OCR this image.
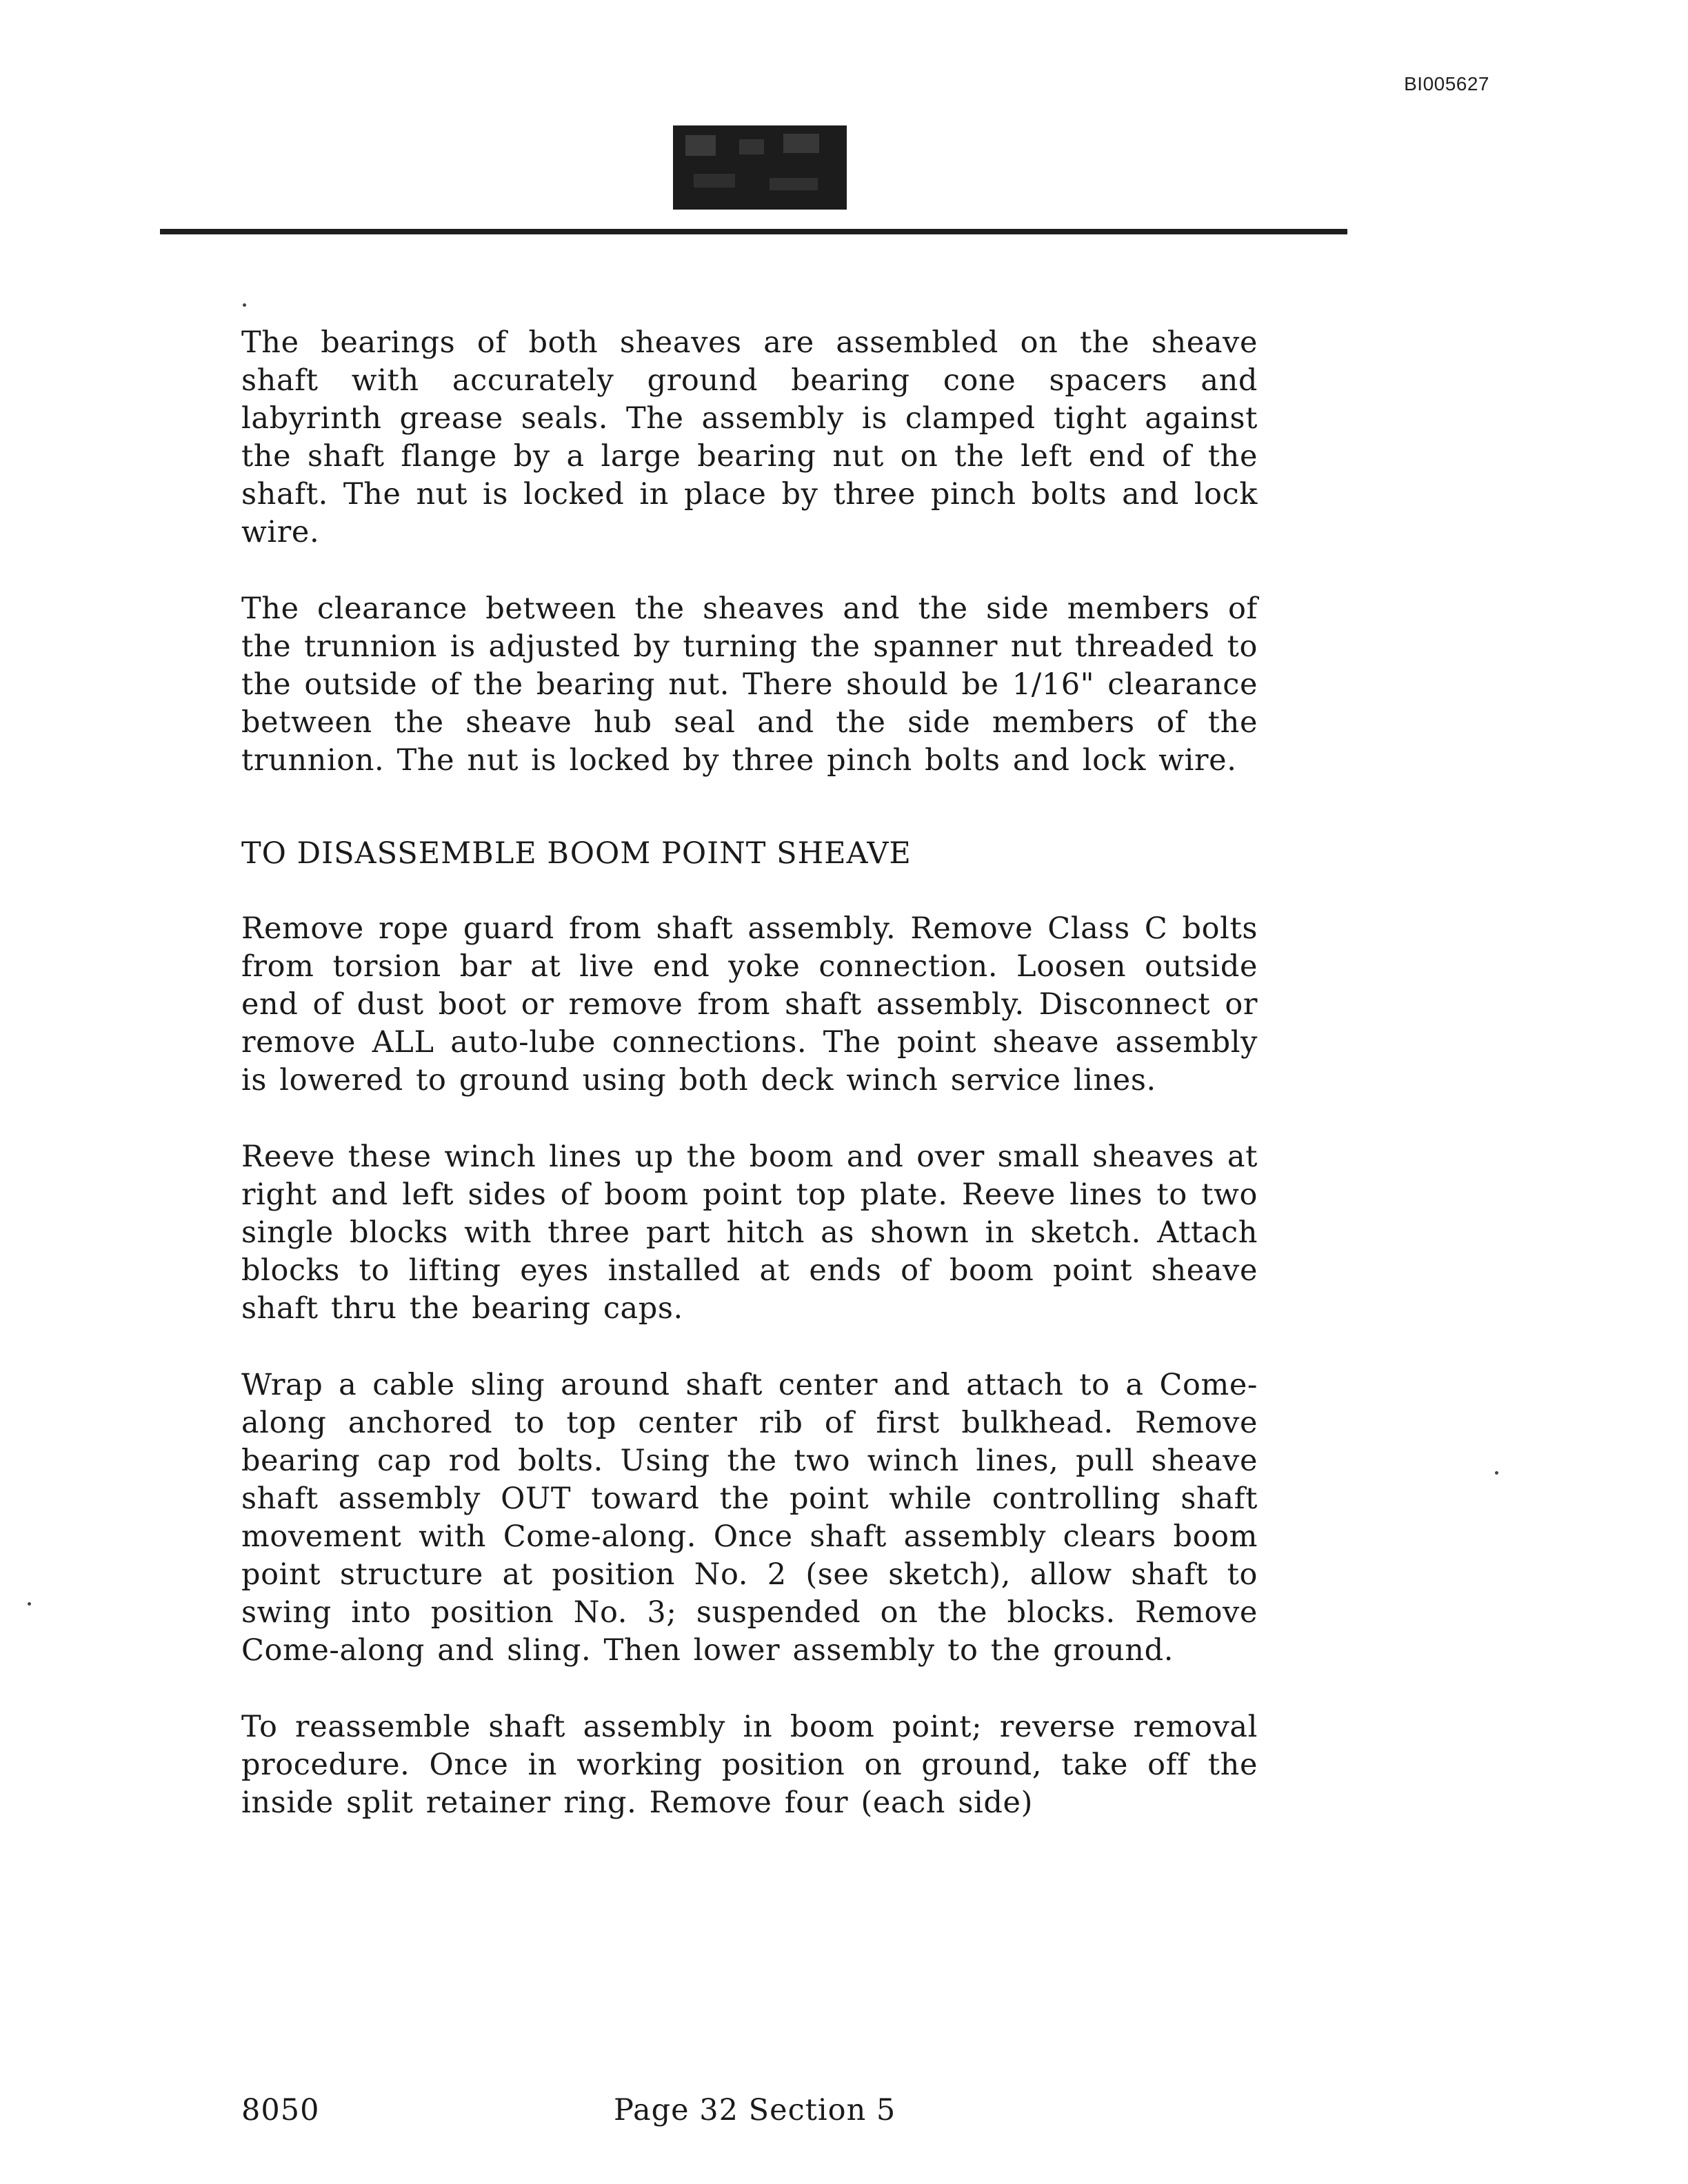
BI005627

The bearings of both sheaves are assembled on the sheave shaft with accurately ground bearing cone spacers and labyrinth grease seals. The assembly is clamped tight against the shaft flange by a large bearing nut on the left end of the shaft. The nut is locked in place by three pinch bolts and lock wire.

The clearance between the sheaves and the side members of the trunnion is adjusted by turning the spanner nut threaded to the outside of the bearing nut. There should be 1/16" clearance between the sheave hub seal and the side members of the trunnion. The nut is locked by three pinch bolts and lock wire.

TO DISASSEMBLE BOOM POINT SHEAVE

Remove rope guard from shaft assembly. Remove Class C bolts from torsion bar at live end yoke connection. Loosen outside end of dust boot or remove from shaft assembly. Disconnect or remove ALL auto-lube connections. The point sheave assembly is lowered to ground using both deck winch service lines.

Reeve these winch lines up the boom and over small sheaves at right and left sides of boom point top plate. Reeve lines to two single blocks with three part hitch as shown in sketch. Attach blocks to lifting eyes installed at ends of boom point sheave shaft thru the bearing caps.

Wrap a cable sling around shaft center and attach to a Come-along anchored to top center rib of first bulkhead. Remove bearing cap rod bolts. Using the two winch lines, pull sheave shaft assembly OUT toward the point while controlling shaft movement with Come-along. Once shaft assembly clears boom point structure at position No. 2 (see sketch), allow shaft to swing into position No. 3; suspended on the blocks. Remove Come-along and sling. Then lower assembly to the ground.

To reassemble shaft assembly in boom point; reverse removal procedure. Once in working position on ground, take off the inside split retainer ring. Remove four (each side)

8050	Page 32 Section 5
